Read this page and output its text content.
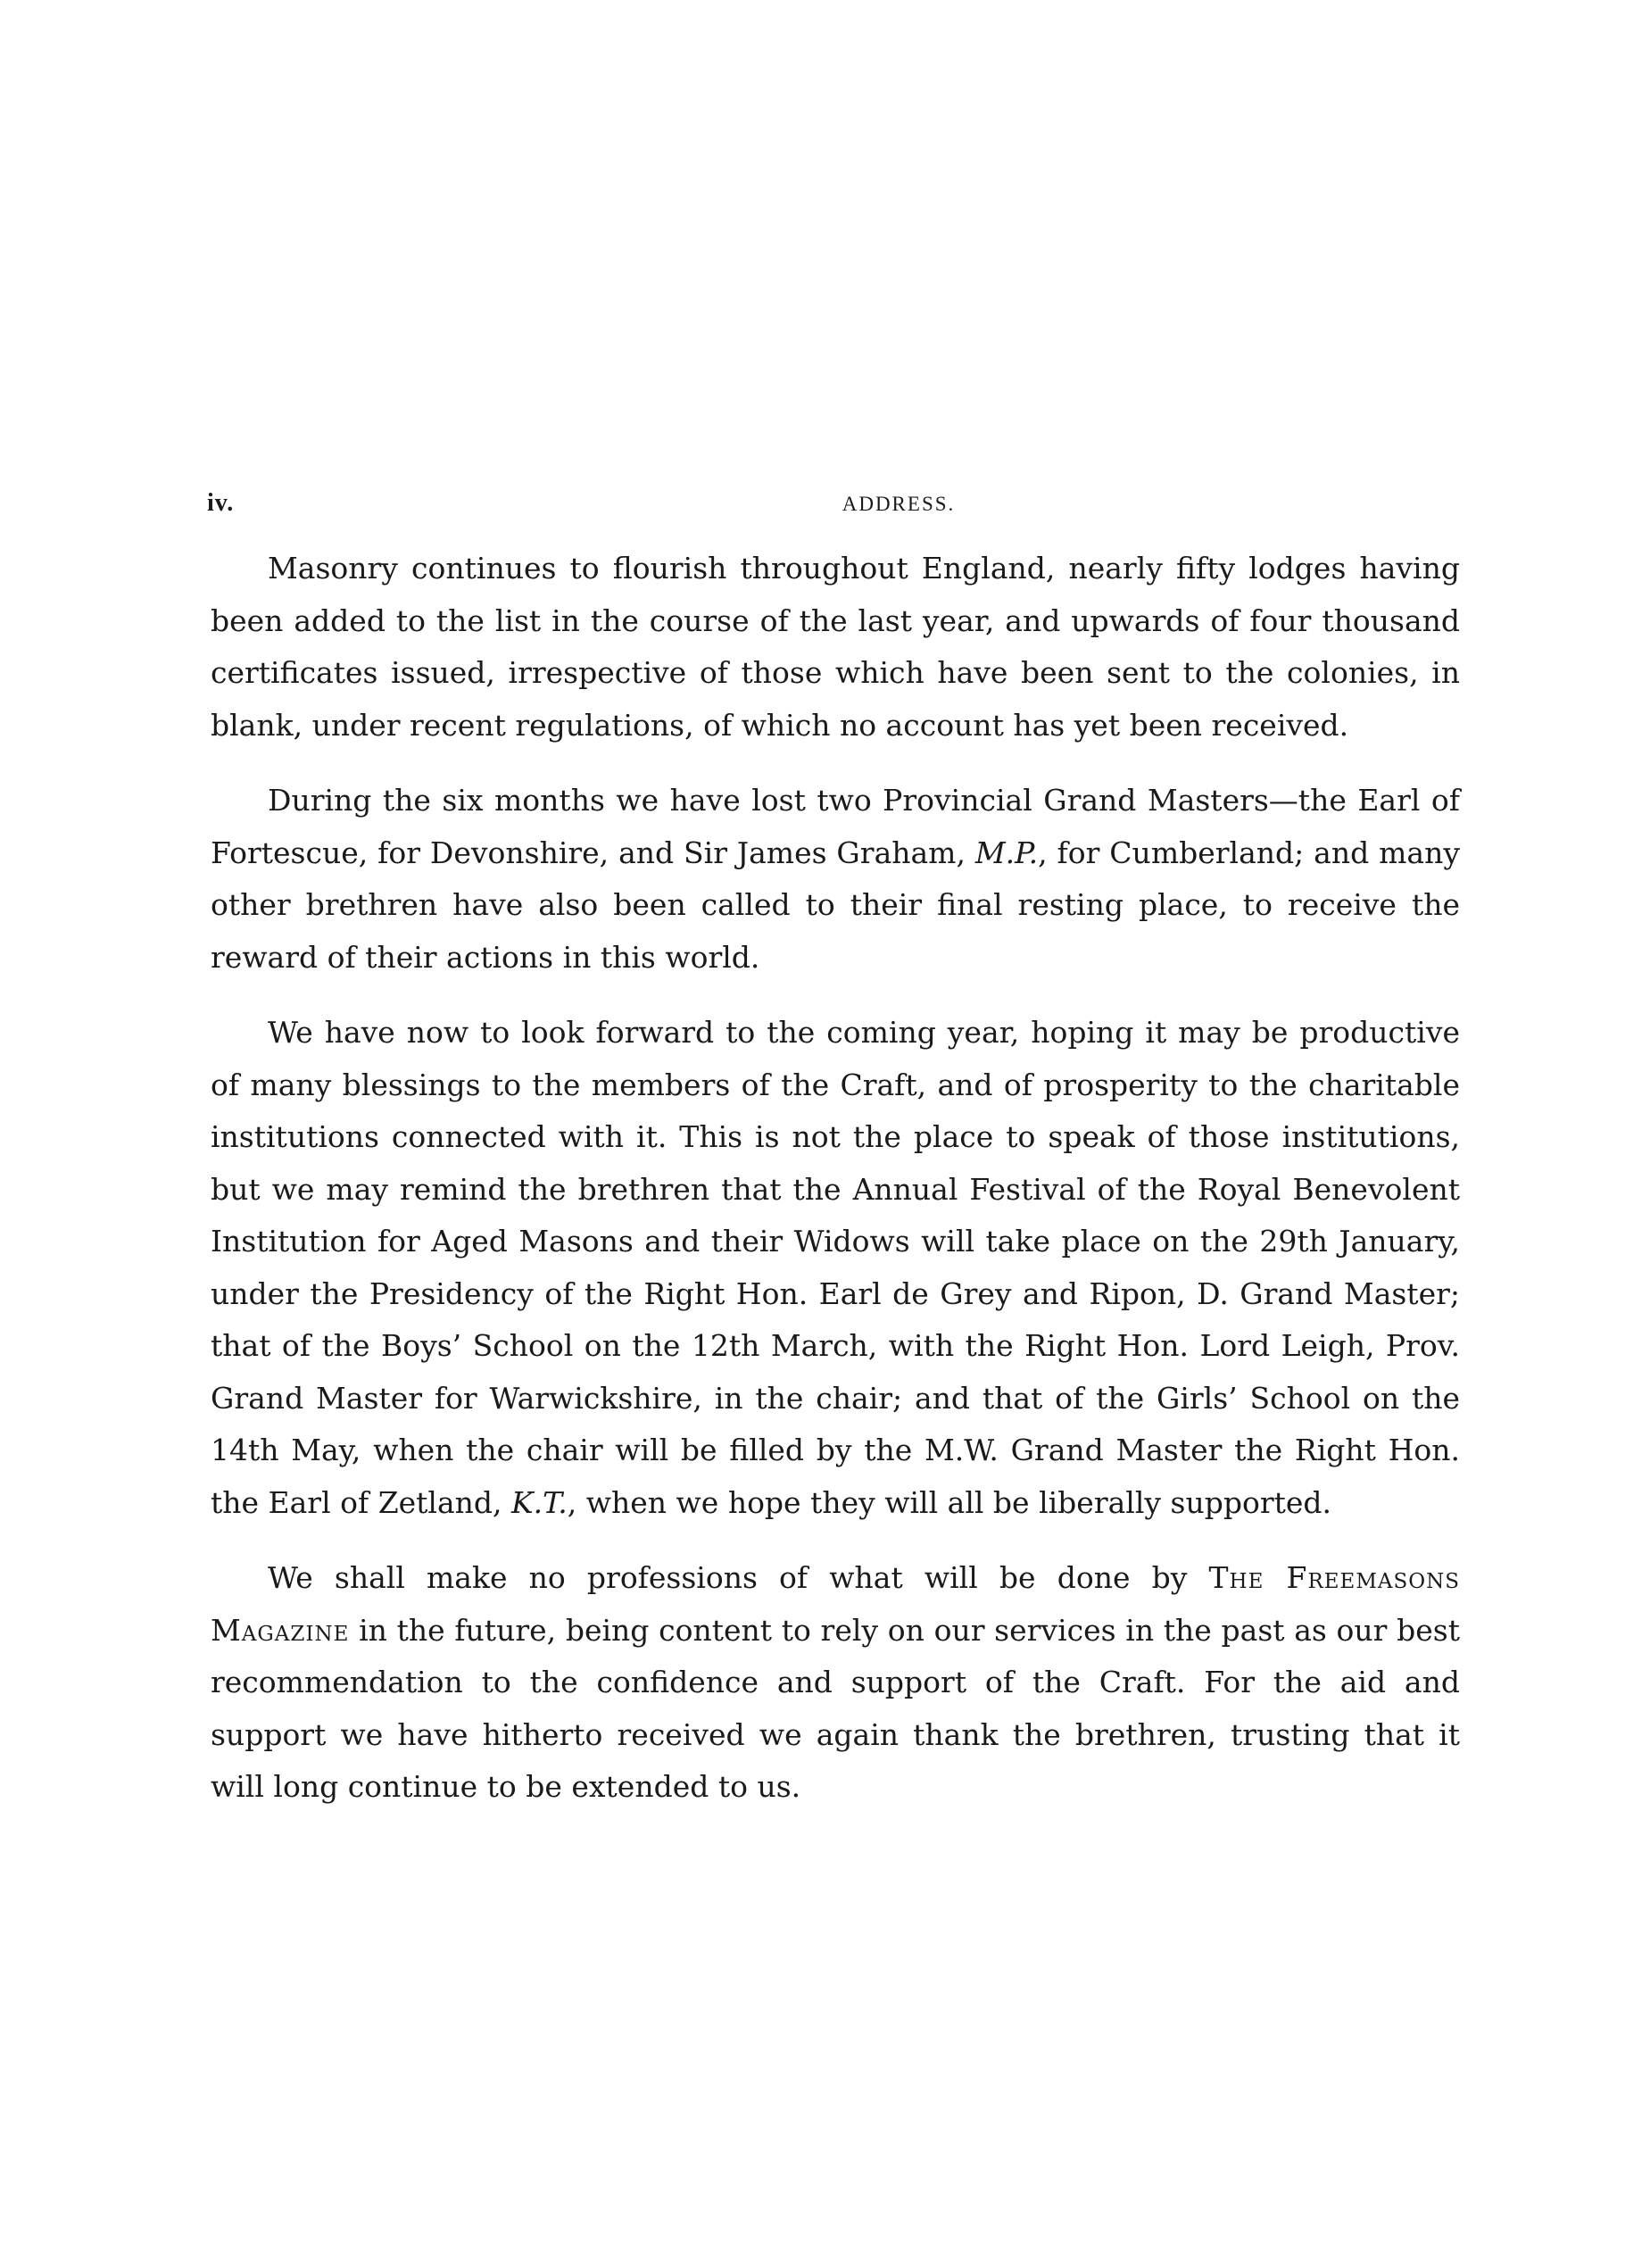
iv.	ADDRESS.

Masonry continues to flourish throughout England, nearly fifty lodges having been added to the list in the course of the last year, and upwards of four thousand certificates issued, irrespective of those which have been sent to the colonies, in blank, under recent regulations, of which no account has yet been received.

During the six months we have lost two Provincial Grand Masters—the Earl of Fortescue, for Devonshire, and Sir James Graham, M.P., for Cumberland; and many other brethren have also been called to their final resting place, to receive the reward of their actions in this world.

We have now to look forward to the coming year, hoping it may be productive of many blessings to the members of the Craft, and of prosperity to the charitable institutions connected with it. This is not the place to speak of those institutions, but we may remind the brethren that the Annual Festival of the Royal Benevolent Institution for Aged Masons and their Widows will take place on the 29th January, under the Presidency of the Right Hon. Earl de Grey and Ripon, D. Grand Master; that of the Boys’ School on the 12th March, with the Right Hon. Lord Leigh, Prov. Grand Master for Warwickshire, in the chair; and that of the Girls’ School on the 14th May, when the chair will be filled by the M.W. Grand Master the Right Hon. the Earl of Zetland, K.T., when we hope they will all be liberally supported.

We shall make no professions of what will be done by The Freemasons Magazine in the future, being content to rely on our services in the past as our best recommendation to the confidence and support of the Craft. For the aid and support we have hitherto received we again thank the brethren, trusting that it will long continue to be extended to us.
